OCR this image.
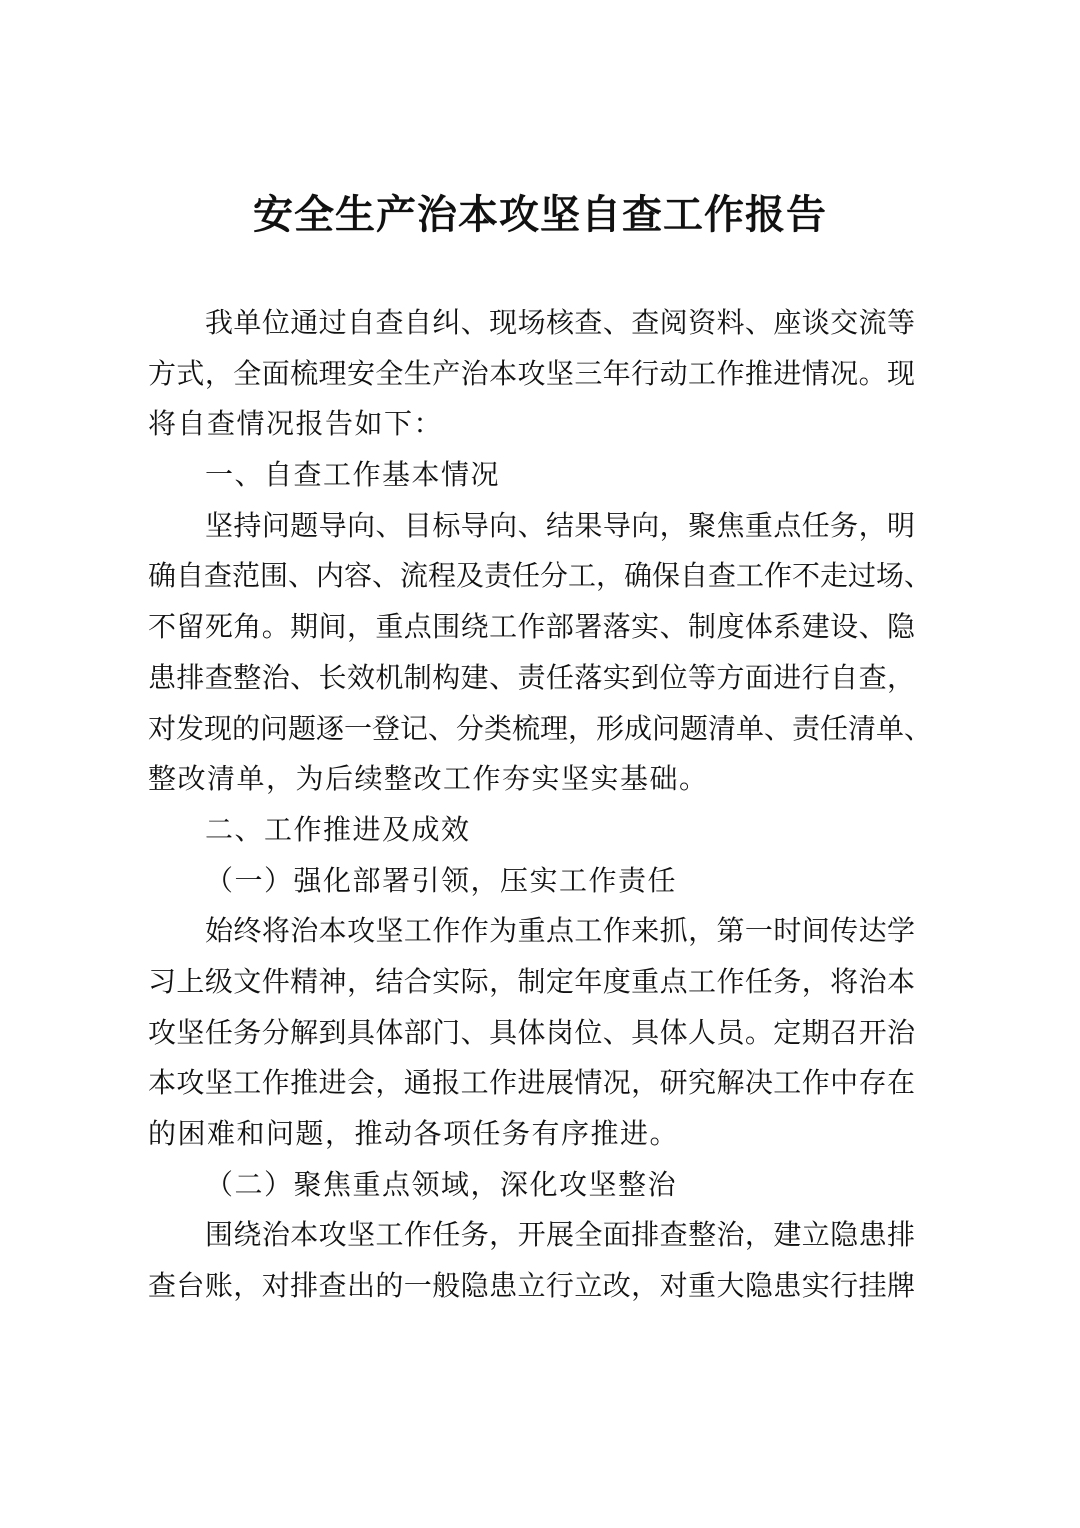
安全生产治本攻坚自查工作报告
我单位通过自查自纠、现场核查、查阅资料、座谈交流等
方式，全面梳理安全生产治本攻坚三年行动工作推进情况。现
将自查情况报告如下：
一、自查工作基本情况
坚持问题导向、目标导向、结果导向，聚焦重点任务，明
确自查范围、内容、流程及责任分工，确保自查工作不走过场、
不留死角。期间，重点围绕工作部署落实、制度体系建设、隐
患排查整治、长效机制构建、责任落实到位等方面进行自查，
对发现的问题逐一登记、分类梳理，形成问题清单、责任清单、
整改清单，为后续整改工作夯实坚实基础。
二、工作推进及成效
（一）强化部署引领，压实工作责任
始终将治本攻坚工作作为重点工作来抓，第一时间传达学
习上级文件精神，结合实际，制定年度重点工作任务，将治本
攻坚任务分解到具体部门、具体岗位、具体人员。定期召开治
本攻坚工作推进会，通报工作进展情况，研究解决工作中存在
的困难和问题，推动各项任务有序推进。
（二）聚焦重点领域，深化攻坚整治
围绕治本攻坚工作任务，开展全面排查整治，建立隐患排
查台账，对排查出的一般隐患立行立改，对重大隐患实行挂牌
